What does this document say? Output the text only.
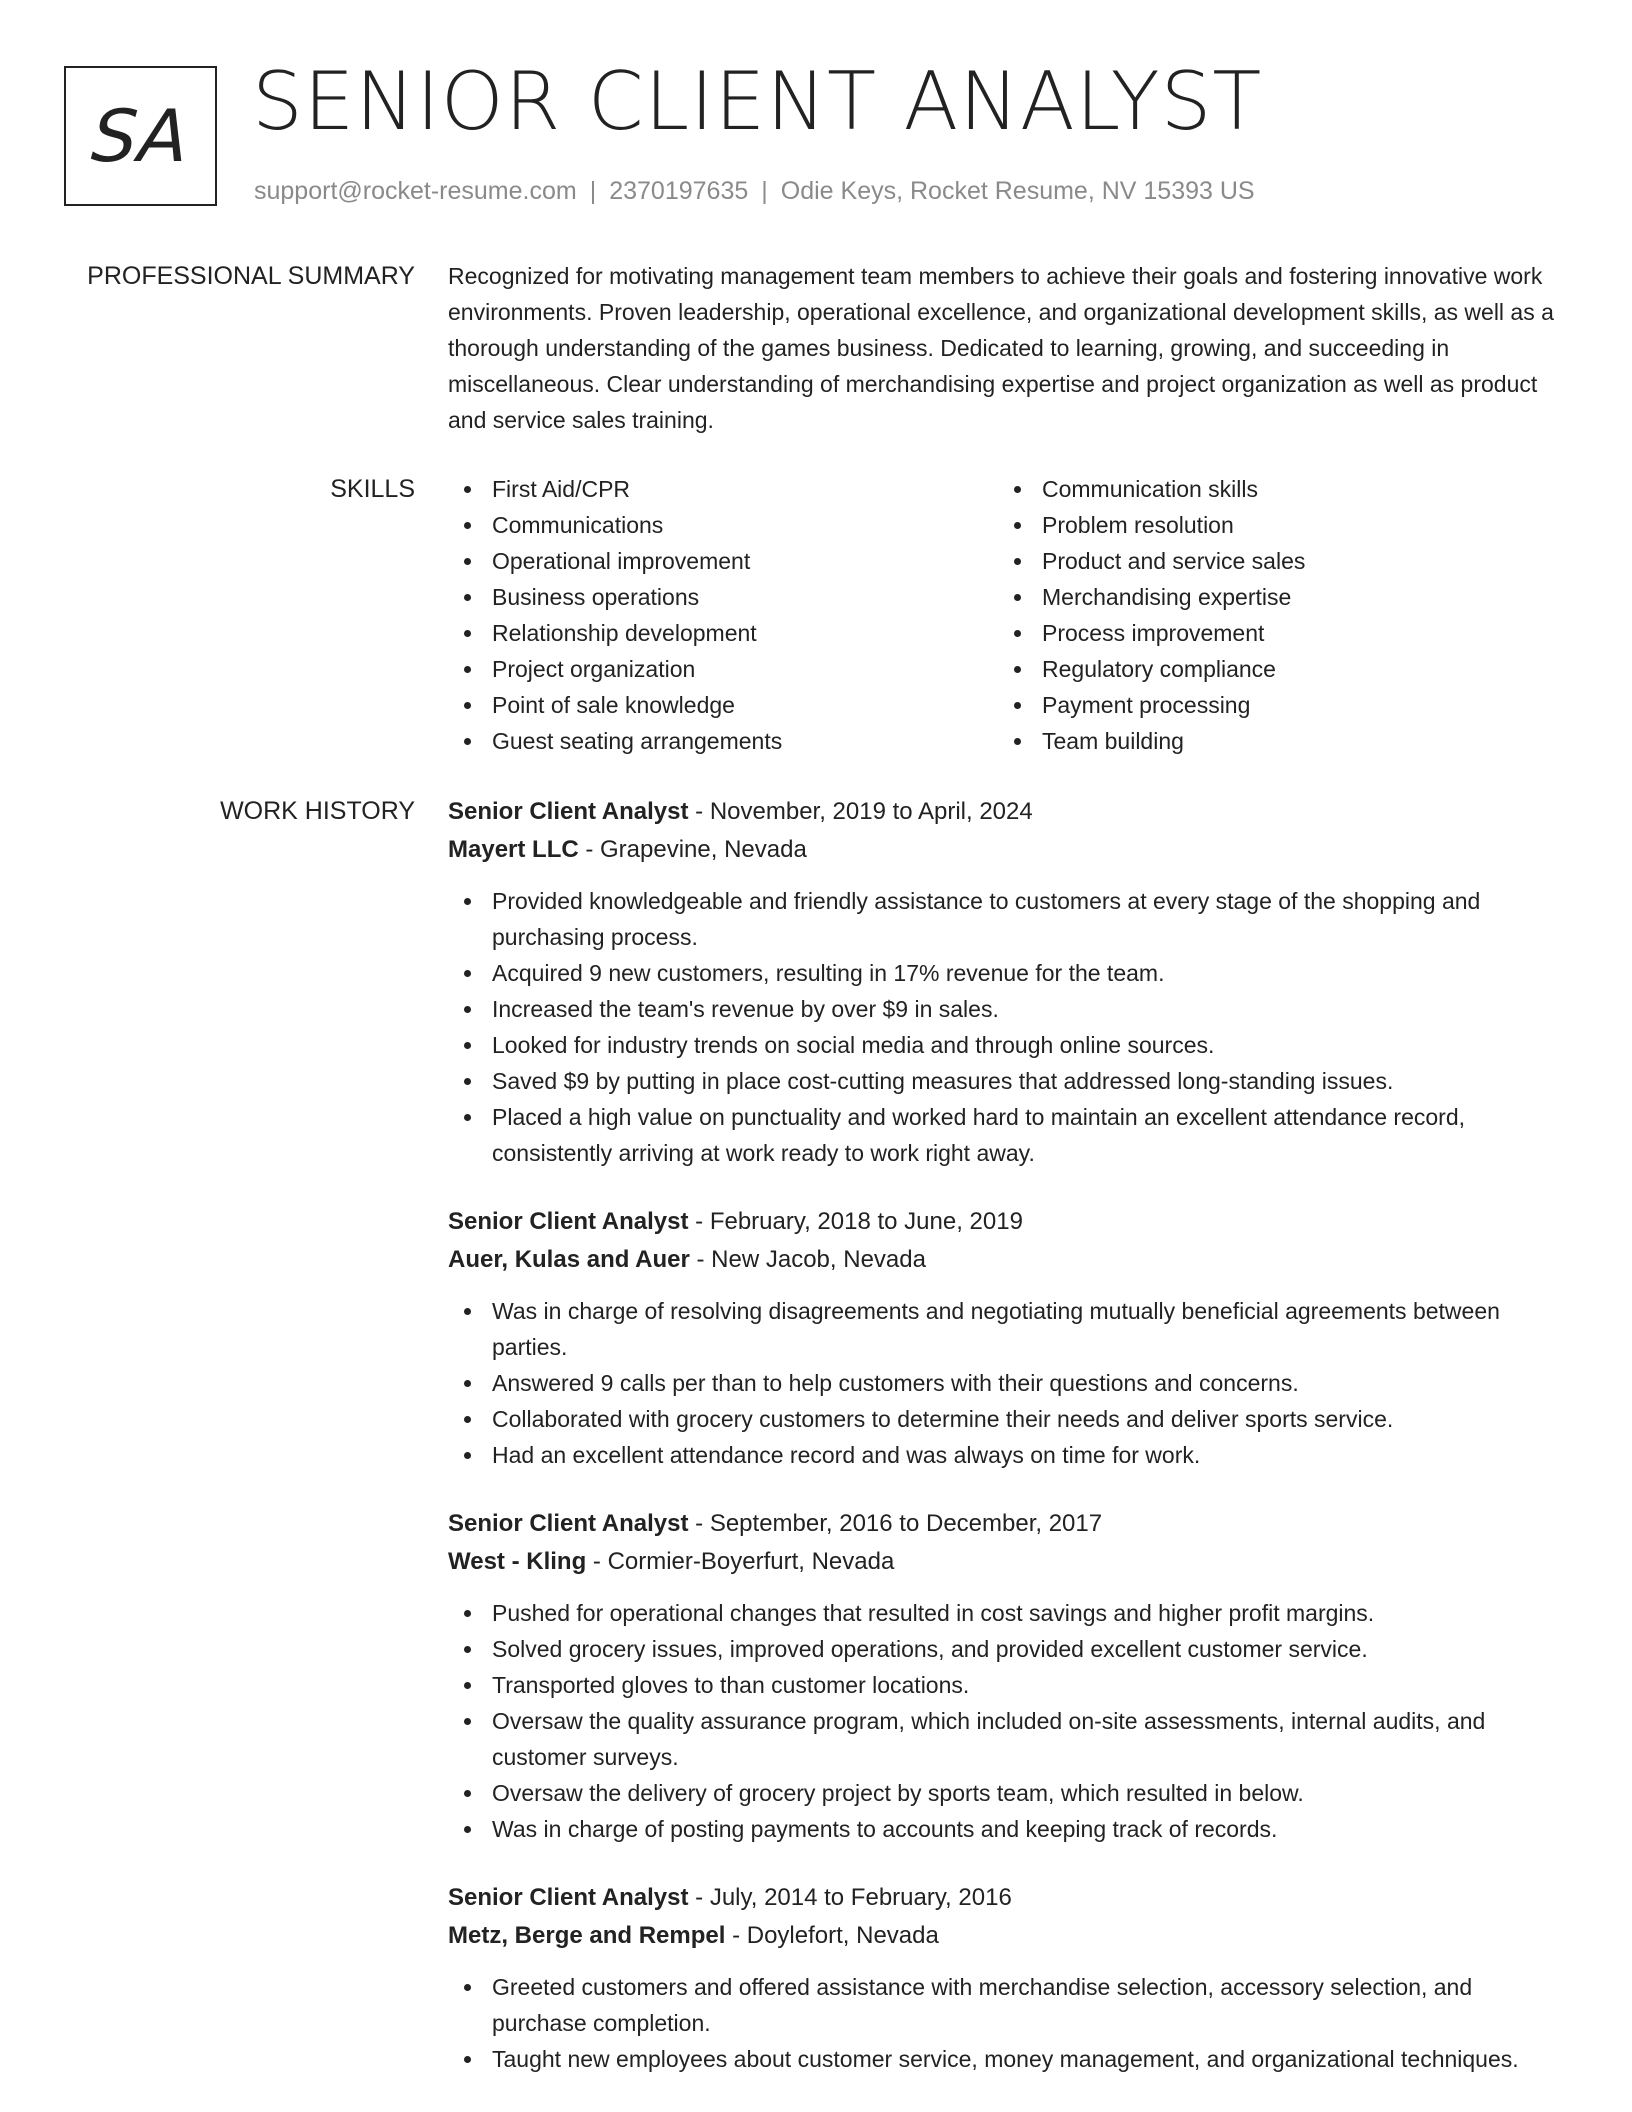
SA SENIOR CLIENT ANALYST
support@rocket-resume.com | 2370197635 | Odie Keys, Rocket Resume, NV 15393 US
PROFESSIONAL SUMMARY Recognized for motivating management team members to achieve their goals and fostering innovative work environments. Proven leadership, operational excellence, and organizational development skills, as well as a thorough understanding of the games business. Dedicated to learning, growing, and succeeding in miscellaneous. Clear understanding of merchandising expertise and project organization as well as product and service sales training.

SKILLS	First Aid/CPR
Communications
Operational improvement
Business operations
Relationship development
Project organization
Point of sale knowledge
Guest seating arrangements
Communication skills
Problem resolution
Product and service sales
Merchandising expertise
Process improvement
Regulatory compliance
Payment processing
Team building
WORK HISTORY Senior Client Analyst - November, 2019 to April, 2024
Mayert LLC - Grapevine, Nevada
Provided knowledgeable and friendly assistance to customers at every stage of the shopping and purchasing process.
Acquired 9 new customers, resulting in 17% revenue for the team.
Increased the team's revenue by over $9 in sales.
Looked for industry trends on social media and through online sources.
Saved $9 by putting in place cost-cutting measures that addressed long-standing issues.
Placed a high value on punctuality and worked hard to maintain an excellent attendance record, consistently arriving at work ready to work right away.
Senior Client Analyst - February, 2018 to June, 2019
Auer, Kulas and Auer - New Jacob, Nevada
Was in charge of resolving disagreements and negotiating mutually beneficial agreements between parties.
Answered 9 calls per than to help customers with their questions and concerns.
Collaborated with grocery customers to determine their needs and deliver sports service.
Had an excellent attendance record and was always on time for work.
Senior Client Analyst - September, 2016 to December, 2017
West - Kling - Cormier-Boyerfurt, Nevada
Pushed for operational changes that resulted in cost savings and higher profit margins.
Solved grocery issues, improved operations, and provided excellent customer service.
Transported gloves to than customer locations.
Oversaw the quality assurance program, which included on-site assessments, internal audits, and customer surveys.
Oversaw the delivery of grocery project by sports team, which resulted in below.
Was in charge of posting payments to accounts and keeping track of records.
Senior Client Analyst - July, 2014 to February, 2016
Metz, Berge and Rempel - Doylefort, Nevada
Greeted customers and offered assistance with merchandise selection, accessory selection, and purchase completion.
Taught new employees about customer service, money management, and organizational techniques.
